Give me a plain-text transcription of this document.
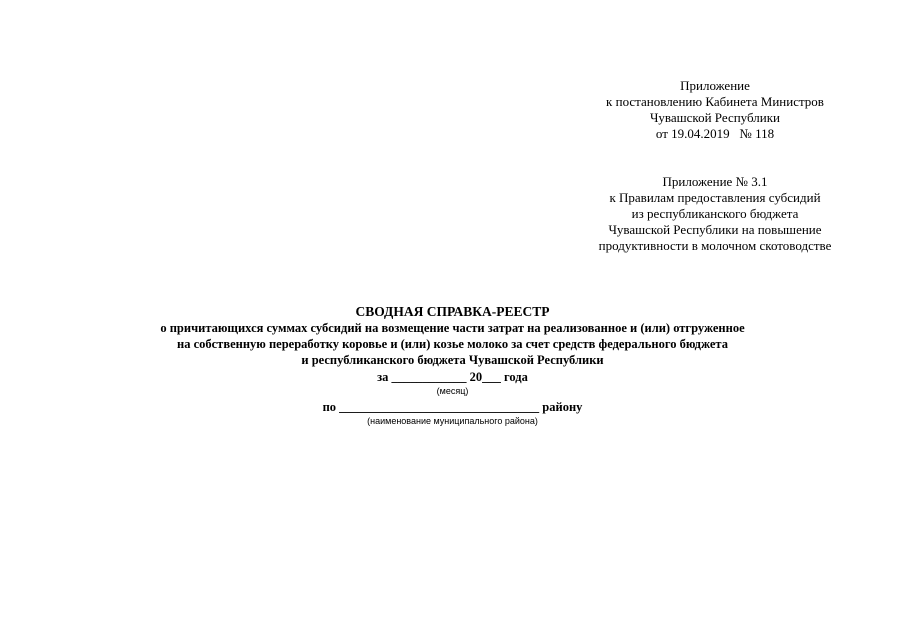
Приложение
к постановлению Кабинета Министров
Чувашской Республики
от 19.04.2019   № 118
Приложение № 3.1
к Правилам предоставления субсидий
из республиканского бюджета
Чувашской Республики на повышение
продуктивности в молочном скотоводстве
СВОДНАЯ СПРАВКА-РЕЕСТР
о причитающихся суммах субсидий на возмещение части затрат на реализованное и (или) отгруженное
на собственную переработку коровье и (или) козье молоко за счет средств федерального бюджета
и республиканского бюджета Чувашской Республики
за ____________ 20___ года
(месяц)
по ________________________________ району
(наименование муниципального района)
